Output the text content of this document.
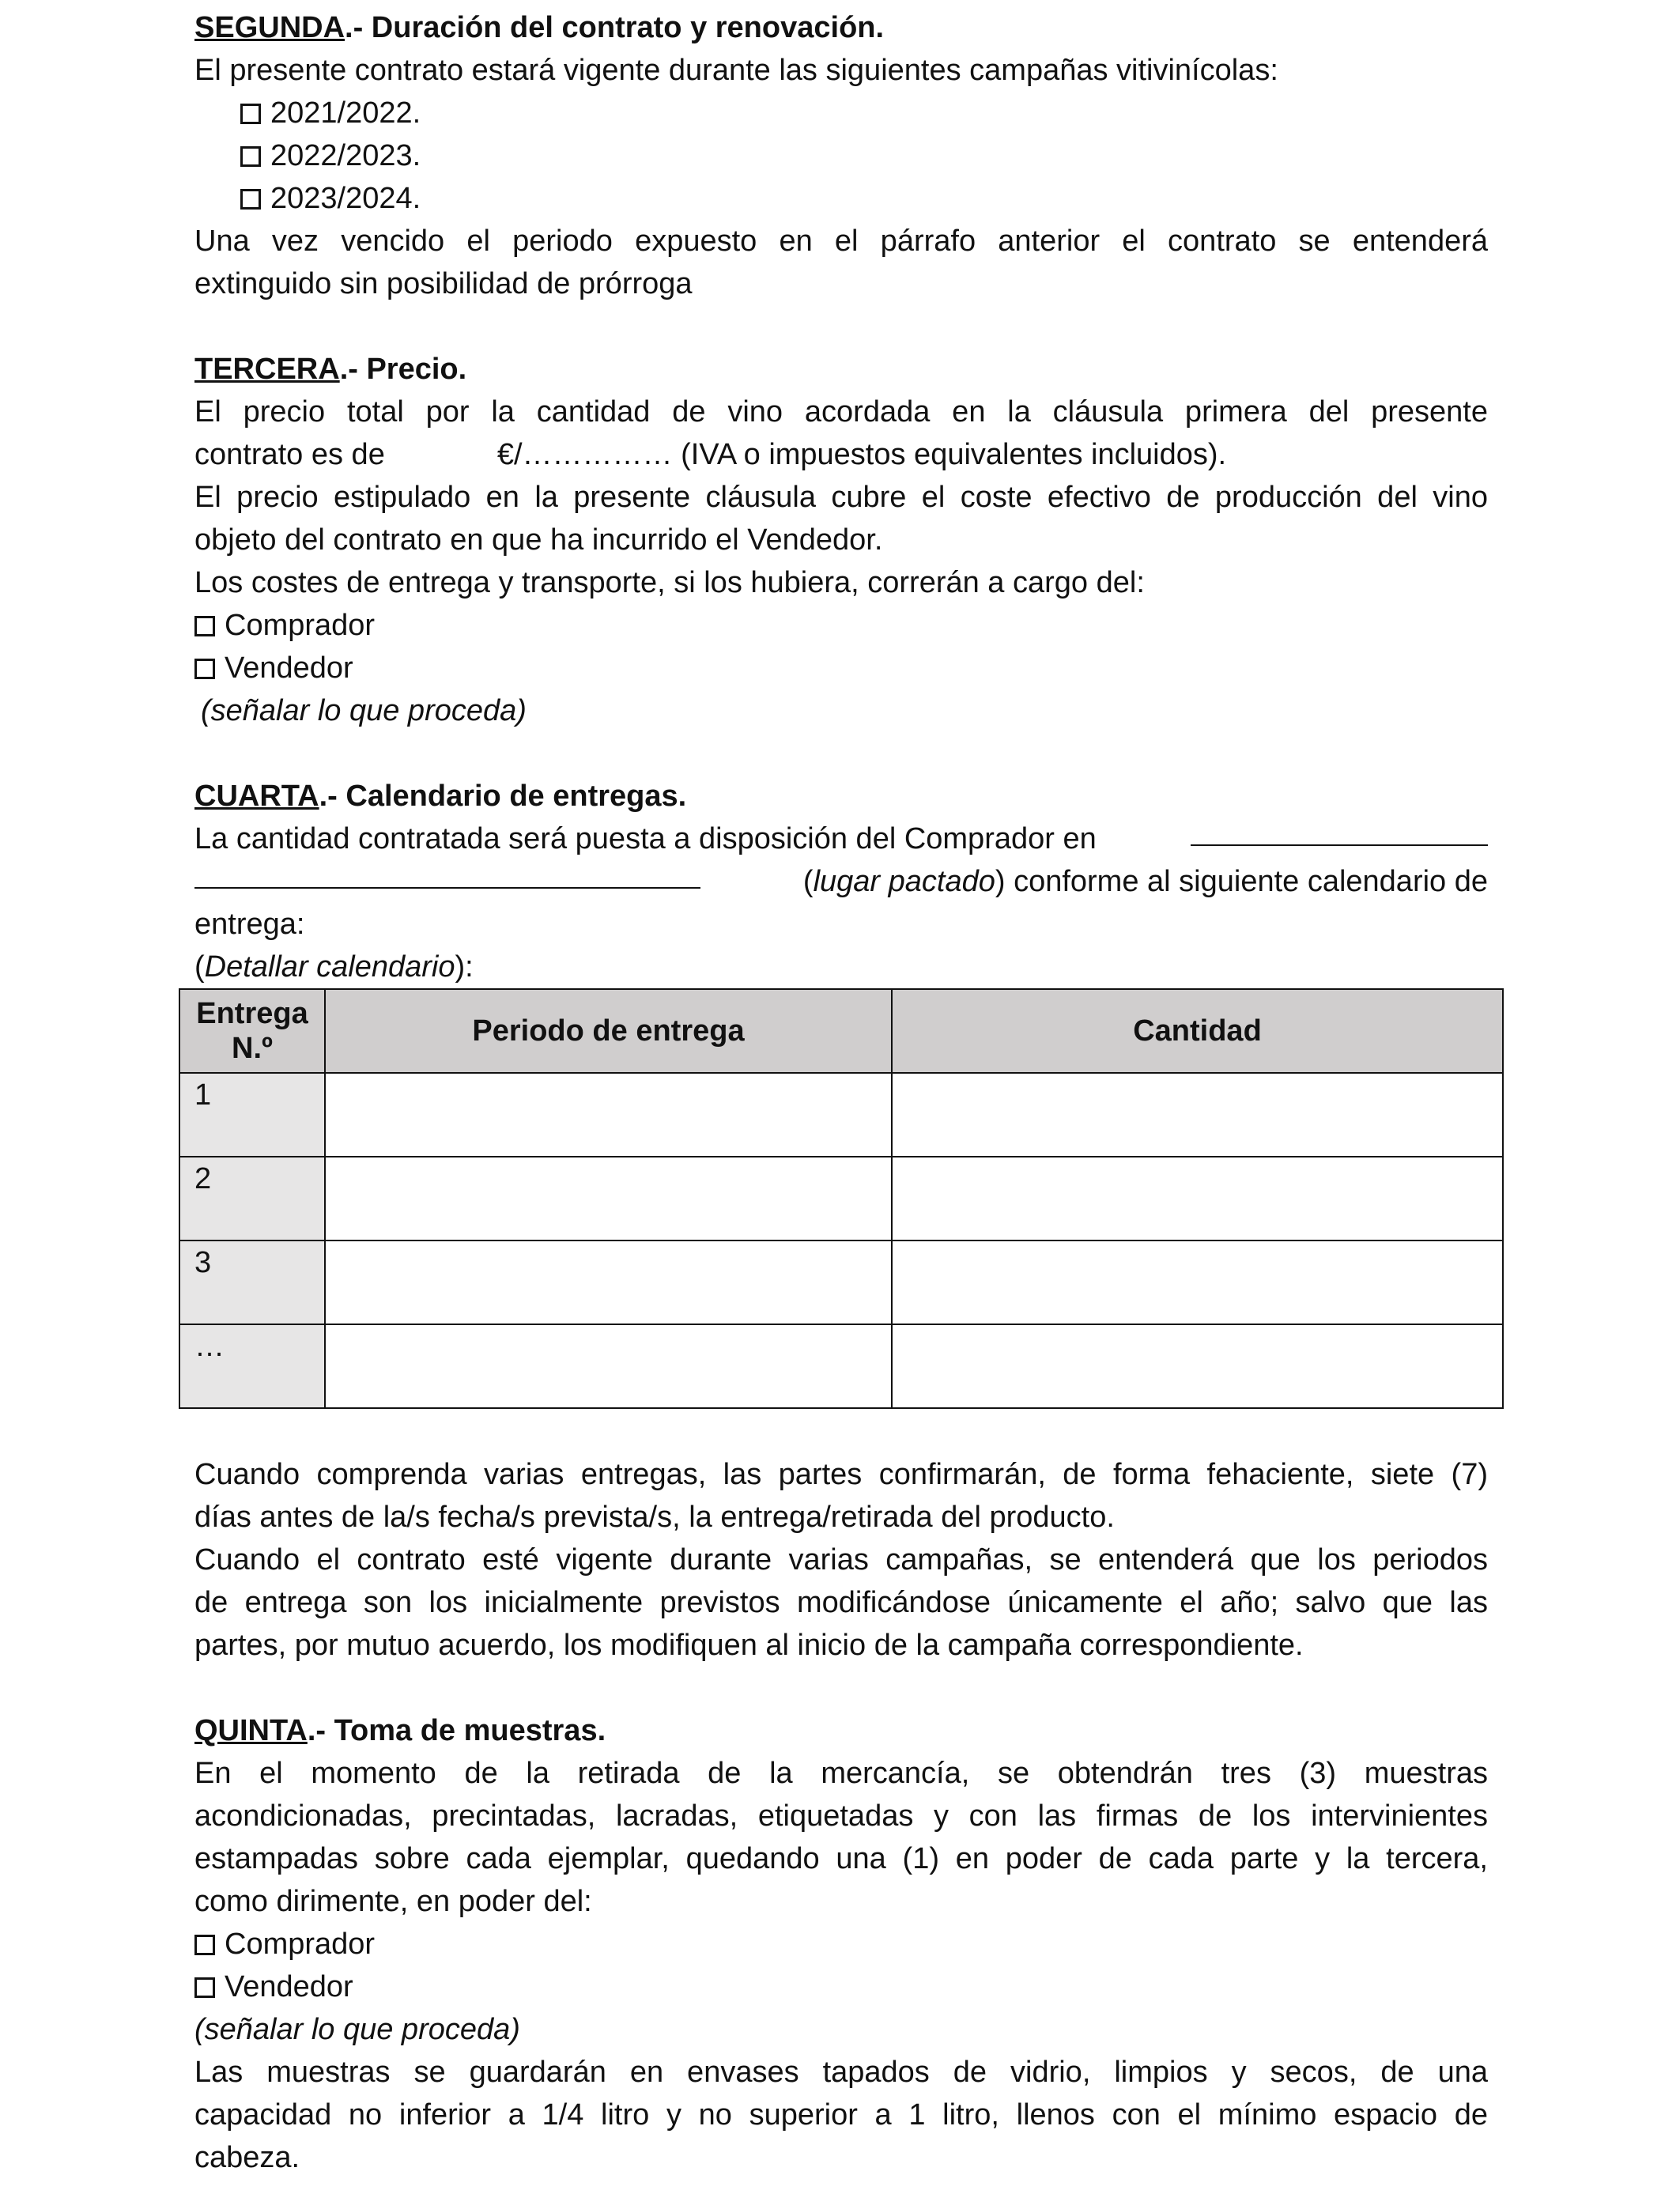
SEGUNDA.- Duración del contrato y renovación.
El presente contrato estará vigente durante las siguientes campañas vitivinícolas:
2021/2022.
2022/2023.
2023/2024.
Una vez vencido el periodo expuesto en el párrafo anterior el contrato se entenderá
extinguido sin posibilidad de prórroga
TERCERA.- Precio.
El precio total por la cantidad de vino acordada en la cláusula primera del presente
contrato es de	€/…………… (IVA o impuestos equivalentes incluidos).
El precio estipulado en la presente cláusula cubre el coste efectivo de producción del vino
objeto del contrato en que ha incurrido el Vendedor.
Los costes de entrega y transporte, si los hubiera, correrán a cargo del:
Comprador
Vendedor
(señalar lo que proceda)
CUARTA.- Calendario de entregas.
La cantidad contratada será puesta a disposición del Comprador en
(lugar pactado) conforme al siguiente calendario de
entrega:
(Detallar calendario):
Entrega N.º	Periodo de entrega	Cantidad
1		
2		
3		
…		
Cuando comprenda varias entregas, las partes confirmarán, de forma fehaciente, siete (7)
días antes de la/s fecha/s prevista/s, la entrega/retirada del producto.
Cuando el contrato esté vigente durante varias campañas, se entenderá que los periodos
de entrega son los inicialmente previstos modificándose únicamente el año; salvo que las
partes, por mutuo acuerdo, los modifiquen al inicio de la campaña correspondiente.
QUINTA.- Toma de muestras.
En el momento de la retirada de la mercancía, se obtendrán tres (3) muestras
acondicionadas, precintadas, lacradas, etiquetadas y con las firmas de los intervinientes
estampadas sobre cada ejemplar, quedando una (1) en poder de cada parte y la tercera,
como dirimente, en poder del:
Comprador
Vendedor
(señalar lo que proceda)
Las muestras se guardarán en envases tapados de vidrio, limpios y secos, de una
capacidad no inferior a 1/4 litro y no superior a 1 litro, llenos con el mínimo espacio de
cabeza.
